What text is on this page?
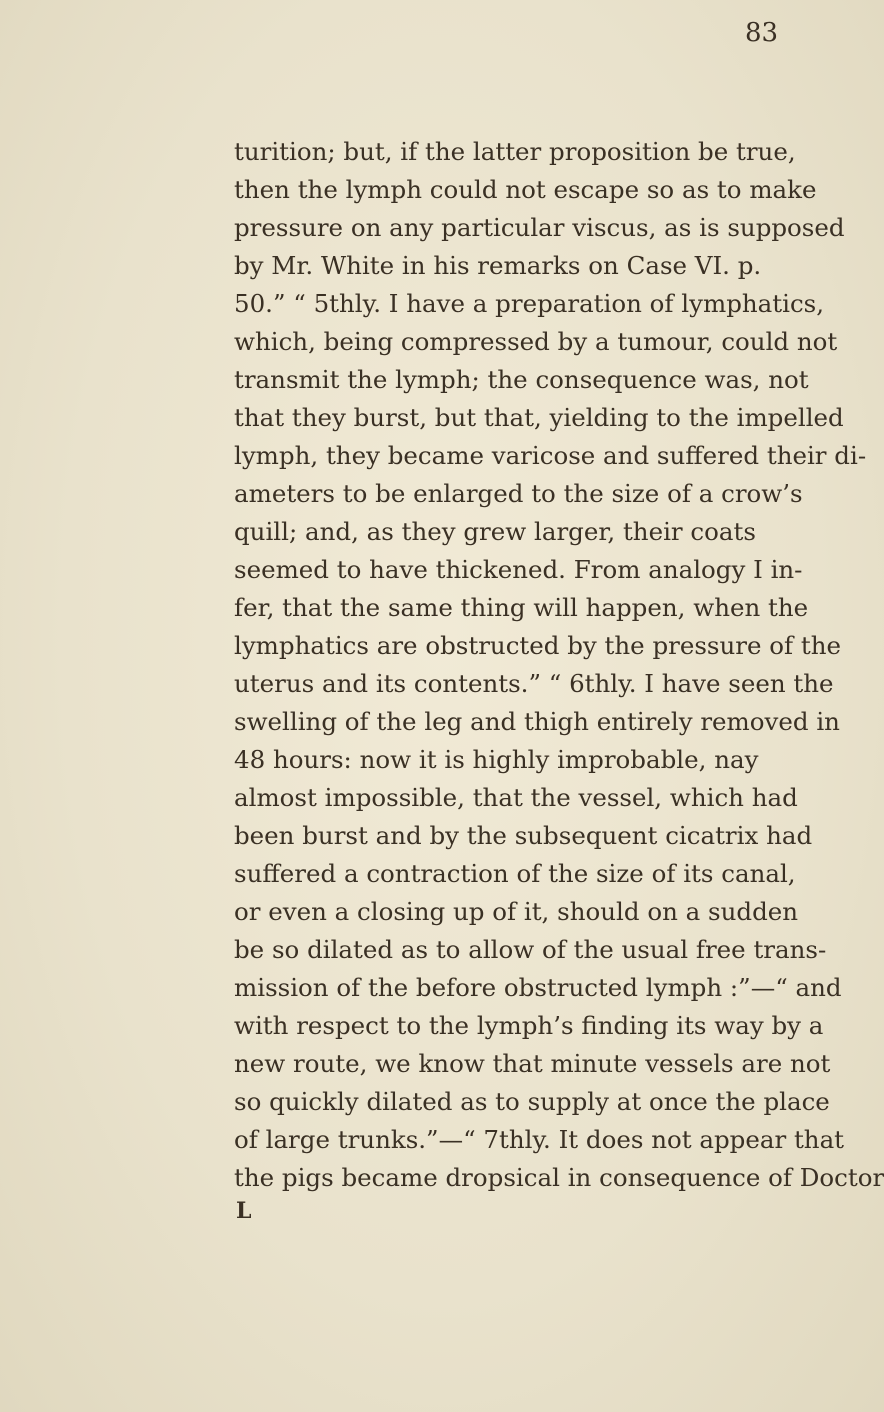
83
turition; but, if the latter proposition be true,
then the lymph could not escape so as to make
pressure on any particular viscus, as is supposed
by Mr. White in his remarks on Case VI. p.
50.” “ 5thly. I have a preparation of lymphatics,
which, being compressed by a tumour, could not
transmit the lymph; the consequence was, not
that they burst, but that, yielding to the impelled
lymph, they became varicose and suffered their di-
ameters to be enlarged to the size of a crow’s
quill; and, as they grew larger, their coats
seemed to have thickened. From analogy I in-
fer, that the same thing will happen, when the
lymphatics are obstructed by the pressure of the
uterus and its contents.” “ 6thly. I have seen the
swelling of the leg and thigh entirely removed in
48 hours: now it is highly improbable, nay
almost impossible, that the vessel, which had
been burst and by the subsequent cicatrix had
suffered a contraction of the size of its canal,
or even a closing up of it, should on a sudden
be so dilated as to allow of the usual free trans-
mission of the before obstructed lymph :”—“ and
with respect to the lymph’s finding its way by a
new route, we know that minute vessels are not
so quickly dilated as to supply at once the place
of large trunks.”—“ 7thly. It does not appear that
the pigs became dropsical in consequence of Doctor
L
